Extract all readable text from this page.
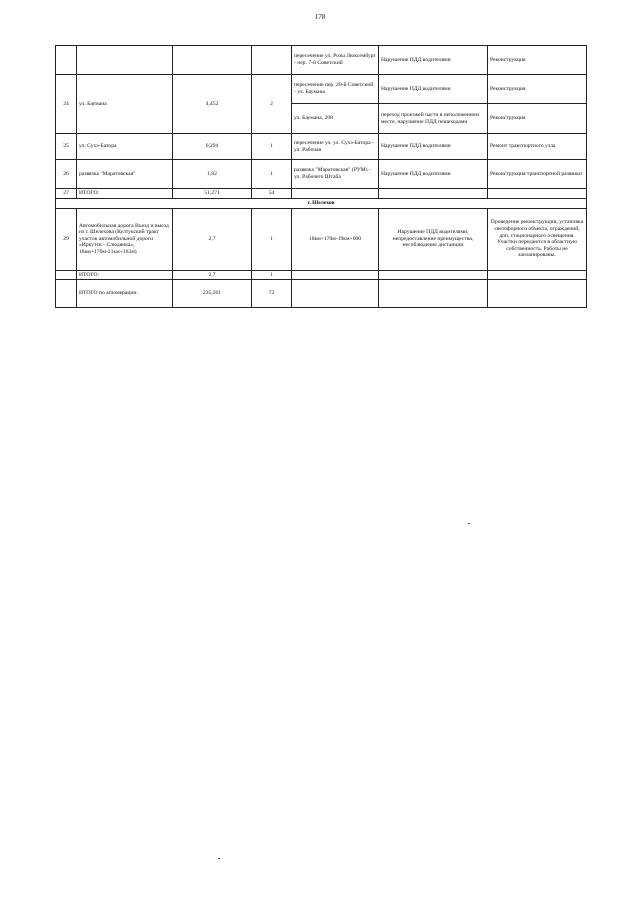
178
				пересечение ул. Розы Люксембург - пер. 7-й Советский	Нарушение ПДД водителями	Реконструкция
24	ул. Баумана	4,452	2	пересечение пер. 20-й Советский - ул. Баумана	Нарушение ПДД водителями	Реконструкция
				ул. Баумана, 208	переход проезжей части в неположенном месте, нарушение ПДД пешеходами	Реконструкция
25	ул. Сухэ-Батора	0,294	1	пересечение ул. ул. Сухэ-Батора - ул. Рабочая	Нарушение ПДД водителями	Ремонт транспортного узла
26	развязка "Маратовская"	1,82	1	развязка "Маратовская" (РУМ) - ул. Рабочего Штаба	Нарушение ПДД водителями	Реконструкция транспортной развязки
27	ИТОГО:	51,271	54			
г. Шелехов						
29	Автомобильная дорога Въезд и выезд из г. Шелехова (Култукский тракт участок автомобильной дороги «Иркутск - Слюдянка», 18км+170м-21км+163м)	2,7	1	18км+170м-19км+000	Нарушение ПДД водителями, непредоставление преимущества, несоблюдение дистанции	Проведение реконструкции, установка светофорного объекта, ограждений, доп. стационарного освещения. Участки передаются в областную собственность. Работы не запланированы.
	ИТОГО:	2,7	1			
	ИТОГО по агломерации:	235,201	72			
